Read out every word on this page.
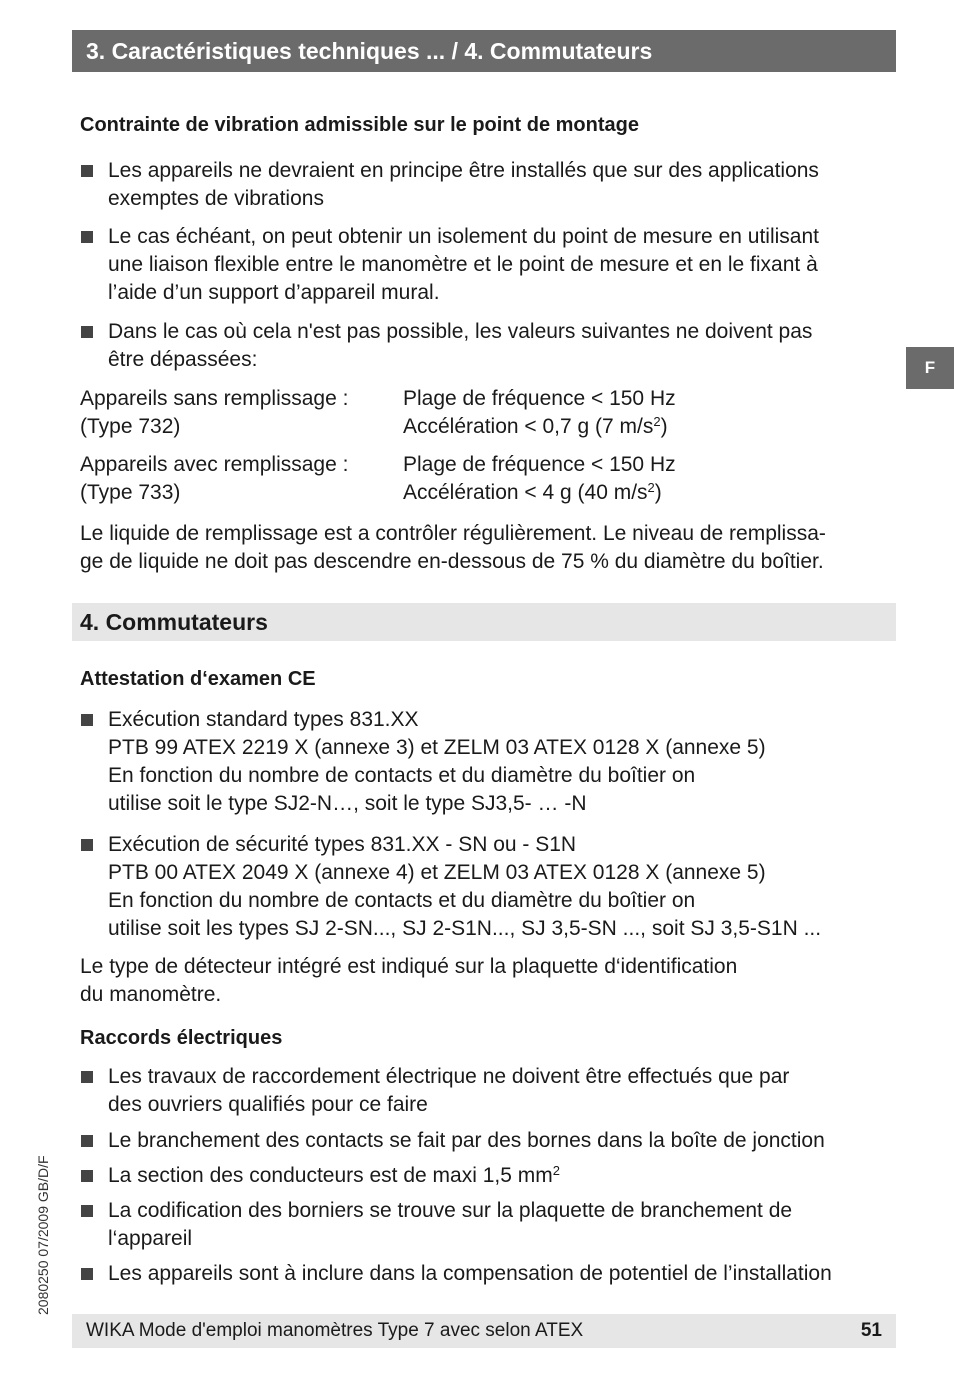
3. Caractéristiques techniques ... / 4. Commutateurs
F
Contrainte de vibration admissible sur le point de montage
Les appareils ne devraient en principe être installés que sur des applications
exemptes de vibrations
Le cas échéant, on peut obtenir un isolement du point de mesure en utilisant
une liaison flexible entre le manomètre et le point de mesure et en le fixant à
l’aide d’un support d’appareil mural.
Dans le cas où cela n'est pas possible, les valeurs suivantes ne doivent pas
être dépassées:
Appareils sans remplissage :
(Type 732)
Plage de fréquence < 150 Hz
Accélération < 0,7 g (7 $m/s^2$)
Appareils avec remplissage :
(Type 733)
Plage de fréquence < 150 Hz
Accélération < 4 g (40 $m/s^2$)

Le liquide de remplissage est a contrôler régulièrement. Le niveau de remplissa-
ge de liquide ne doit pas descendre en-dessous de 75 % du diamètre du boîtier.

4. Commutateurs
Attestation d‘examen CE
Exécution standard types 831.XX
PTB 99 ATEX 2219 X (annexe 3) et ZELM 03 ATEX 0128 X (annexe 5)
En fonction du nombre de contacts et du diamètre du boîtier on
utilise soit le type SJ2-N…, soit le type SJ3,5- … -N
Exécution de sécurité types 831.XX - SN ou - S1N
PTB 00 ATEX 2049 X (annexe 4) et ZELM 03 ATEX 0128 X (annexe 5)
En fonction du nombre de contacts et du diamètre du boîtier on
utilise soit les types SJ 2-SN..., SJ 2-S1N..., SJ 3,5-SN ..., soit SJ 3,5-S1N ...

Le type de détecteur intégré est indiqué sur la plaquette d‘identification
du manomètre.

Raccords électriques
Les travaux de raccordement électrique ne doivent être effectués que par
des ouvriers qualifiés pour ce faire
Le branchement des contacts se fait par des bornes dans la boîte de jonction
La section des conducteurs est de maxi 1,5 $mm^2$
La codification des borniers se trouve sur la plaquette de branchement de
l‘appareil
Les appareils sont à inclure dans la compensation de potentiel de l’installation
2080250 07/2009 GB/D/F
WIKA Mode d'emploi manomètres Type 7 avec selon ATEX	51
